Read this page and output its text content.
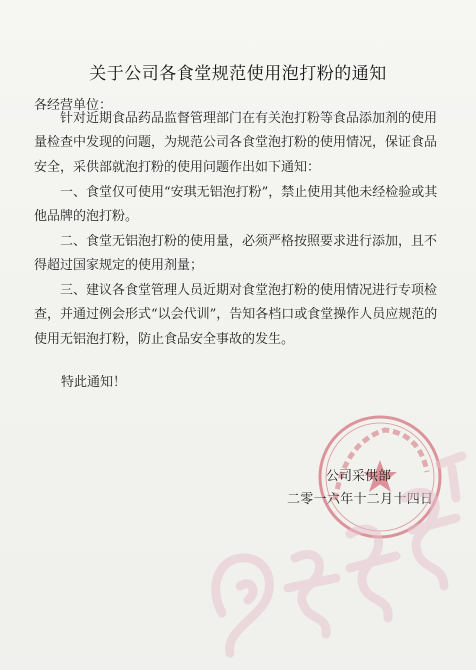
关于公司各食堂规范使用泡打粉的通知
各经营单位：

针对近期食品药品监督管理部门在有关泡打粉等食品添加剂的使用量检查中发现的问题，为规范公司各食堂泡打粉的使用情况，保证食品安全，采供部就泡打粉的使用问题作出如下通知：

一、食堂仅可使用“安琪无铝泡打粉”，禁止使用其他未经检验或其他品牌的泡打粉。

二、食堂无铝泡打粉的使用量，必须严格按照要求进行添加，且不得超过国家规定的使用剂量；

三、建议各食堂管理人员近期对食堂泡打粉的使用情况进行专项检查，并通过例会形式“以会代训”，告知各档口或食堂操作人员应规范的使用无铝泡打粉，防止食品安全事故的发生。

特此通知！
公司采供部
二零一六年十二月十四日
